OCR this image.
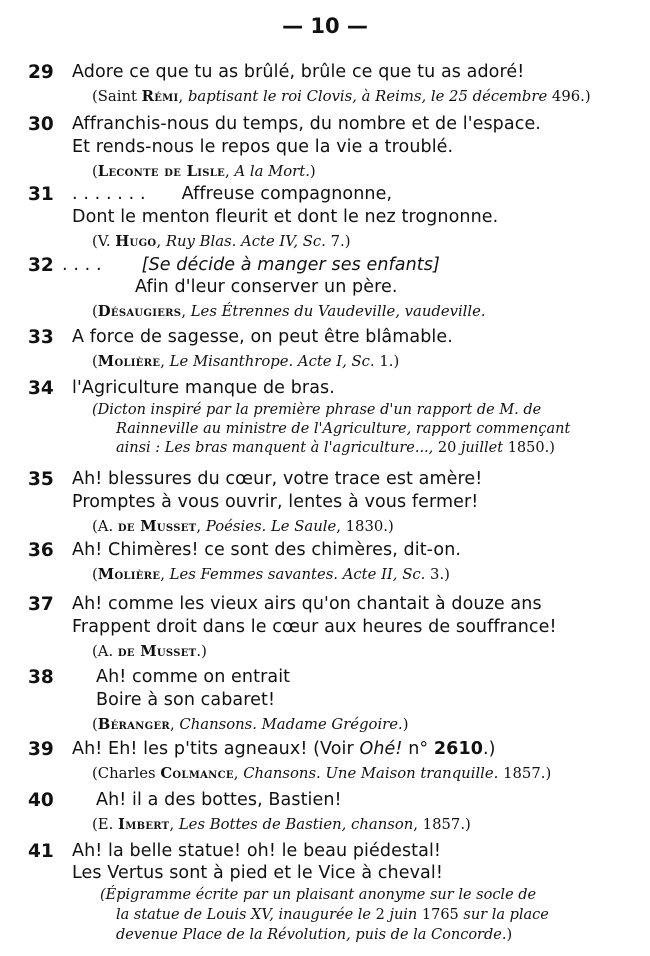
— 10 —
29 Adore ce que tu as brûlé, brûle ce que tu as adoré!
(Saint Rémi, baptisant le roi Clovis, à Reims, le 25 décembre 496.)
30 Affranchis-nous du temps, du nombre et de l'espace.
Et rends-nous le repos que la vie a troublé.
(Leconte de Lisle, A la Mort.)
31 . . . . . . . Affreuse compagnonne,
Dont le menton fleurit et dont le nez trognonne.
(V. Hugo, Ruy Blas. Acte IV, Sc. 7.)
32 . . . . [Se décide à manger ses enfants]
Afin d'leur conserver un père.
(Désaugiers, Les Étrennes du Vaudeville, vaudeville.
33 A force de sagesse, on peut être blâmable.
(Molière, Le Misanthrope. Acte I, Sc. 1.)
34 l'Agriculture manque de bras.
(Dicton inspiré par la première phrase d'un rapport de M. de
Rainneville au ministre de l'Agriculture, rapport commençant
ainsi : Les bras manquent à l'agriculture..., 20 juillet 1850.)
35 Ah! blessures du cœur, votre trace est amère!
Promptes à vous ouvrir, lentes à vous fermer!
(A. de Musset, Poésies. Le Saule, 1830.)
36 Ah! Chimères! ce sont des chimères, dit-on.
(Molière, Les Femmes savantes. Acte II, Sc. 3.)
37 Ah! comme les vieux airs qu'on chantait à douze ans
Frappent droit dans le cœur aux heures de souffrance!
(A. de Musset.)
38 Ah! comme on entrait
Boire à son cabaret!
(Béranger, Chansons. Madame Grégoire.)
39 Ah! Eh! les p'tits agneaux! (Voir Ohé! n° 2610.)
(Charles Colmance, Chansons. Une Maison tranquille. 1857.)
40 Ah! il a des bottes, Bastien!
(E. Imbert, Les Bottes de Bastien, chanson, 1857.)
41 Ah! la belle statue! oh! le beau piédestal!
Les Vertus sont à pied et le Vice à cheval!
(Épigramme écrite par un plaisant anonyme sur le socle de
la statue de Louis XV, inaugurée le 2 juin 1765 sur la place
devenue Place de la Révolution, puis de la Concorde.)
